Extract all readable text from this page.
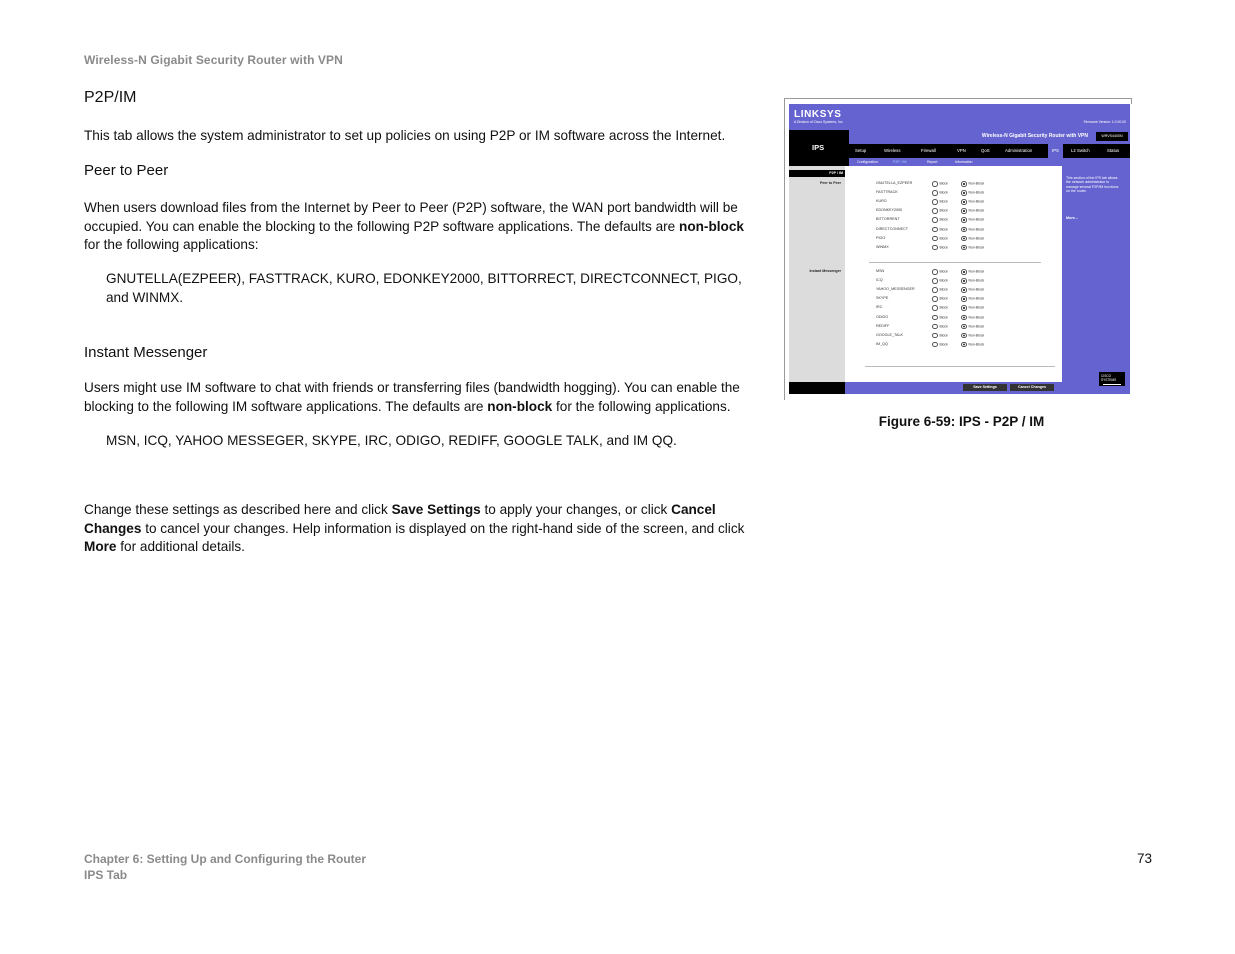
Wireless-N Gigabit Security Router with VPN
P2P/IM

This tab allows the system administrator to set up policies on using P2P or IM software across the Internet.

Peer to Peer

When users download files from the Internet by Peer to Peer (P2P) software, the WAN port bandwidth will be occupied. You can enable the blocking to the following P2P software applications. The defaults are non-block for the following applications:

GNUTELLA(EZPEER), FASTTRACK, KURO, EDONKEY2000, BITTORRECT, DIRECTCONNECT, PIGO, and WINMX.

Instant Messenger

Users might use IM software to chat with friends or transferring files (bandwidth hogging). You can enable the blocking to the following IM software applications. The defaults are non-block for the following applications.

MSN, ICQ, YAHOO MESSEGER, SKYPE, IRC, ODIGO, REDIFF, GOOGLE TALK, and IM QQ.

Change these settings as described here and click Save Settings to apply your changes, or click Cancel Changes to cancel your changes. Help information is displayed on the right-hand side of the screen, and click More for additional details.

LINKSYS
A Division of Cisco Systems, Inc.	Firmware Version: 1.0.00.00
IPS
Wireless-N Gigabit Security Router with VPN	WRVS4400N
Setup	Wireless	Firewall	VPN	QoS	Administration	IPS	L2 Switch	Status
Configuration	P2P / IM	Report	Information
P2P / IM
Peer to Peer
Instant Messenger
GNUTELLA_EZPEER	Block	Non-Block
FASTTRACK	Block	Non-Block
KURO	Block	Non-Block
EDONKEY2000	Block	Non-Block
BITTORRENT	Block	Non-Block
DIRECTCONNECT	Block	Non-Block
PIGO	Block	Non-Block
WINMX	Block	Non-Block
MSN	Block	Non-Block
ICQ	Block	Non-Block
YAHOO_MESSENGER	Block	Non-Block
SKYPE	Block	Non-Block
IRC	Block	Non-Block
ODIGO	Block	Non-Block
REDIFF	Block	Non-Block
GOOGLE_TALK	Block	Non-Block
IM_QQ	Block	Non-Block
This section of the IPS tab allows the network administrator to manage several P2P/IM functions on the router.
More...
Save Settings	Cancel Changes
CISCO SYSTEMS
Figure 6-59: IPS - P2P / IM
Chapter 6: Setting Up and Configuring the Router
IPS Tab
73
